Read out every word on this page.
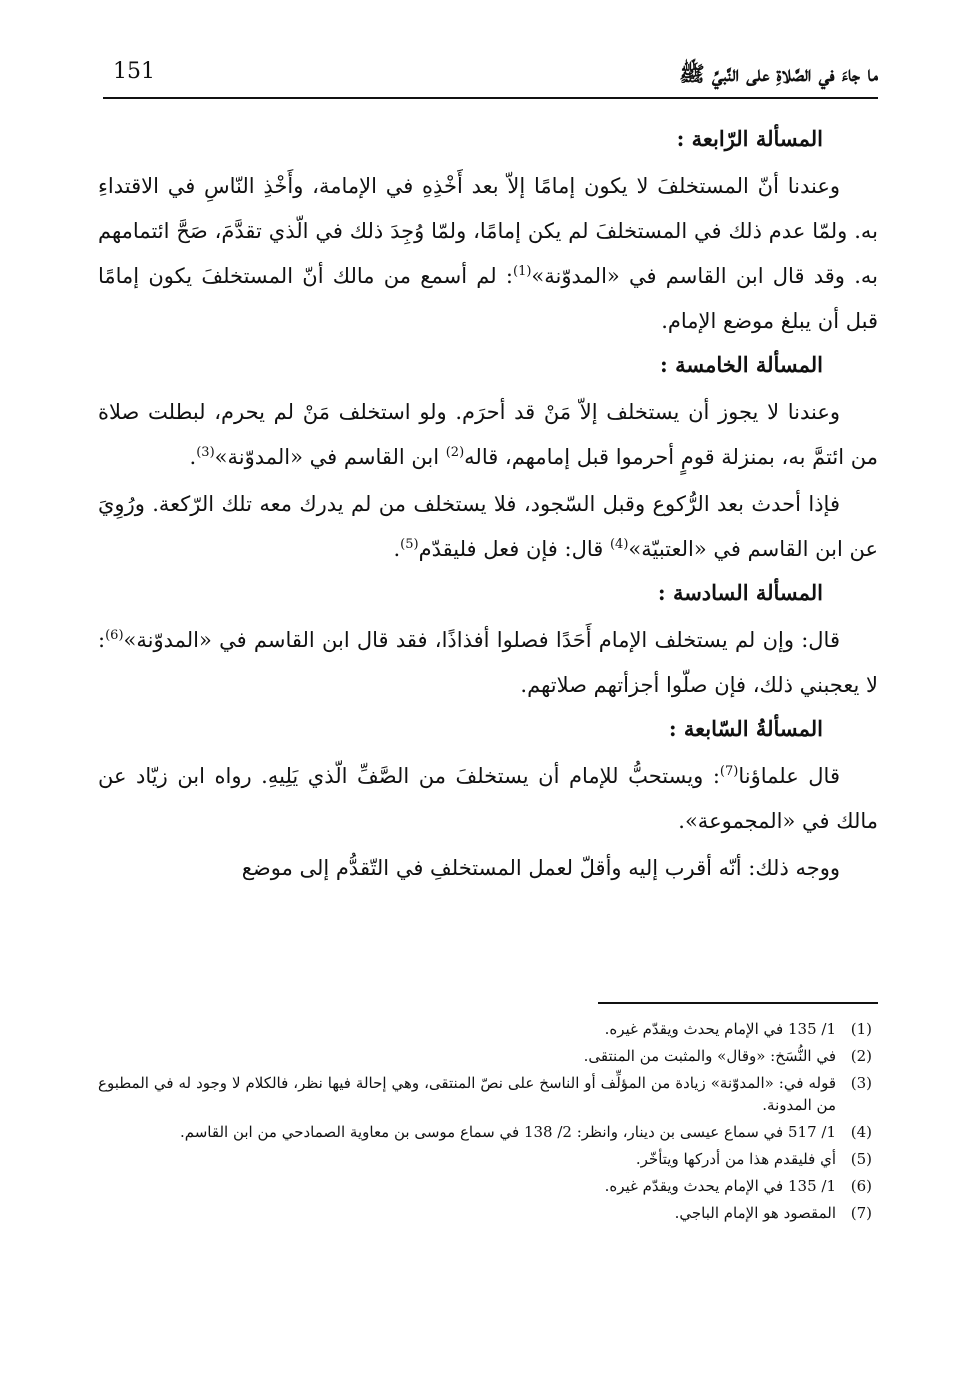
ما جاءَ في الصَّلاةِ على النَّبيِّ ﷺ
151
المسألة الرّابعة :

وعندنا أنّ المستخلفَ لا يكون إمامًا إلاّ بعد أَخْذِهِ في الإمامة، وأَخْذِ النّاسِ في الاقتداءِ به. ولمّا عدم ذلك في المستخلفَ لم يكن إمامًا، ولمّا وُجِدَ ذلك في الّذي تقدَّمَ، صَحَّ ائتمامهم به. وقد قال ابن القاسم في «المدوّنة»$^{(1)}$: لم أسمع من مالك أنّ المستخلفَ يكون إمامًا قبل أن يبلغ موضع الإمام.

المسألة الخامسة :

وعندنا لا يجوز أن يستخلف إلاّ مَنْ قد أحرَم. ولو استخلف مَنْ لم يحرم، لبطلت صلاة من ائتمَّ به، بمنزلة قومٍ أحرموا قبل إمامهم، قاله$^{(2)}$ ابن القاسم في «المدوّنة»$^{(3)}$.

فإذا أحدث بعد الرُّكوع وقبل السّجود، فلا يستخلف من لم يدرك معه تلك الرّكعة. ورُوِيَ عن ابن القاسم في «العتبيّة»$^{(4)}$ قال: فإن فعل فليقدّم$^{(5)}$.

المسألة السادسة :

قال: وإن لم يستخلف الإمام أَحَدًا فصلوا أفذاذًا، فقد قال ابن القاسم في «المدوّنة»$^{(6)}$: لا يعجبني ذلك، فإن صلّوا أجزأتهم صلاتهم.

المسألةُ السّابعة :

قال علماؤنا$^{(7)}$: ويستحبُّ للإمام أن يستخلفَ من الصَّفِّ الّذي يَلِيهِ. رواه ابن زيّاد عن مالك في «المجموعة».

ووجه ذلك: أنّه أقرب إليه وأقلّ لعمل المستخلفِ في التّقدُّم إلى موضع

(1)
1/ 135 في الإمام يحدث ويقدّم غيره.
(2)
في النُّسَخ: «وقال» والمثبت من المنتقى.
(3)
قوله في: «المدوّنة» زيادة من المؤلِّف أو الناسخ على نصّ المنتقى، وهي إحالة فيها نظر، فالكلام لا وجود له في المطبوع من المدونة.
(4)
1/ 517 في سماع عيسى بن دينار، وانظر: 2/ 138 في سماع موسى بن معاوية الصمادحي من ابن القاسم.
(5)
أي فليقدم هذا من أدركها ويتأخّر.
(6)
1/ 135 في الإمام يحدث ويقدّم غيره.
(7)
المقصود هو الإمام الباجي.
